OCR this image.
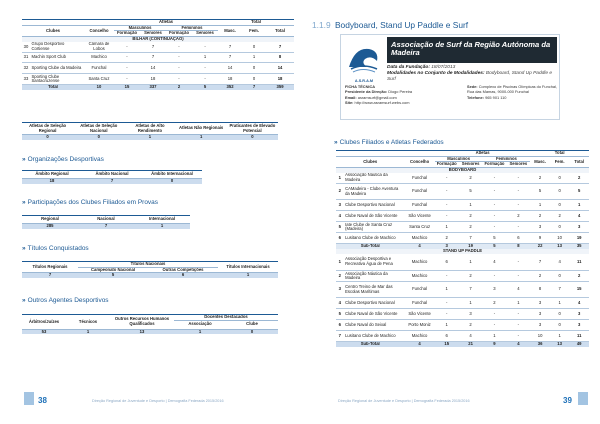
			Atletas				Total		
Clubes		Concelho	Masculinos		Femininos		Masc.	Fem.	Total
			Formação	Seniores	Formação	Seniores			
BILHAR (CONTINUAÇÃO)									
30	Grupo Desportivo Cortiense	Câmara de Lobos	-	7	-	-	7	0	7
31	Machin Sport Club	Machico	-	7	-	1	7	1	8
32	Sporting Clube da Madeira	Funchal	-	14	-	-	14	0	14
33	Sporting Clube Santacruzense	Santa Cruz	-	18	-	-	18	0	18
Total		10	15	337	2	5	352	7	359
Atletas de Seleção Regional	Atletas de Seleção Nacional	Atletas de Alto Rendimento	Atletas Não Regionais	Praticantes de Elevado Potencial
0	0	1	1	0
» Organizações Desportivas
Âmbito Regional	Âmbito Nacional	Âmbito Internacional
18	7	0
» Participações dos Clubes Filiados em Provas
Regional	Nacional	Internacional
285	7	1
» Títulos Conquistados
Títulos Regionais	Títulos Nacionais		Títulos Internacionais
	Campeonato Nacional	Outras Competições	
7	5	6	1
» Outros Agentes Desportivos
Árbitros/Juízes	Técnicos	Outros Recursos Humanos Qualificados	Docentes Destacados	
			Associação	Clube
53	1	13	1	0
38	Direção Regional de Juventude e Desporto | Demografia Federada 2015/2016
1.1.9 Bodyboard, Stand Up Paddle e Surf
A.S.R.A.M
Associação de Surf da Região Autónoma da Madeira
Data da Fundação: 18/07/2013
Modalidades no Conjunto de Modalidades: Bodyboard, Stand Up Paddle e Surf
FICHA TÉCNICA
Presidente da Direção: Diogo Pereira
Email: asramsurf@gmail.com
Site: http://www.asramsurf.webs.com
Sede: Complexo de Piscinas Olímpicas do Funchal, Rua das Mamas, 9000-000 Funchal
Telefone: 965 901 110
» Clubes Filiados e Atletas Federados
			Atletas				Total		
Clubes		Concelho	Masculinos		Femininos		Masc.	Fem.	Total
			Formação	Seniores	Formação	Seniores			
BODYBOARD									
1	Associação Náutica da Madeira	Funchal	-	2	-	-	2	0	2
2	CAMadeira - Clube Aventura da Madeira	Funchal	-	5	-	-	5	0	5
3	Clube Desportivo Nacional	Funchal	-	1	-	-	1	0	1
4	Clube Naval de São Vicente	São Vicente	-	2	-	2	2	2	4
5	Iate Clube de Santa Cruz (Madeira)	Santa Cruz	1	2	-	-	3	0	3
6	Lusitano Clube de Machico	Machico	2	7	5	6	9	10	19
Sub-Total		4	3	19	5	8	22	13	35
STAND UP PADDLE									
1	Associação Desportiva e Recreativa Água de Pena	Machico	6	1	4	-	7	4	11
2	Associação Náutica da Madeira	Machico	-	2	-	-	2	0	2
3	Centro Treino de Mar das Escolas Marítimas	Funchal	1	7	3	4	8	7	15
4	Clube Desportivo Nacional	Funchal	-	1	2	1	3	1	4
5	Clube Naval de São Vicente	São Vicente	-	3	-	-	3	0	3
6	Clube Naval do Seixal	Porto Moniz	1	2	-	-	3	0	3
7	Lusitano Clube de Machico	Machico	6	4	1	-	10	1	11
Sub-Total		4	15	21	9	4	36	13	49
Direção Regional de Juventude e Desporto | Demografia Federada 2015/2016	39
